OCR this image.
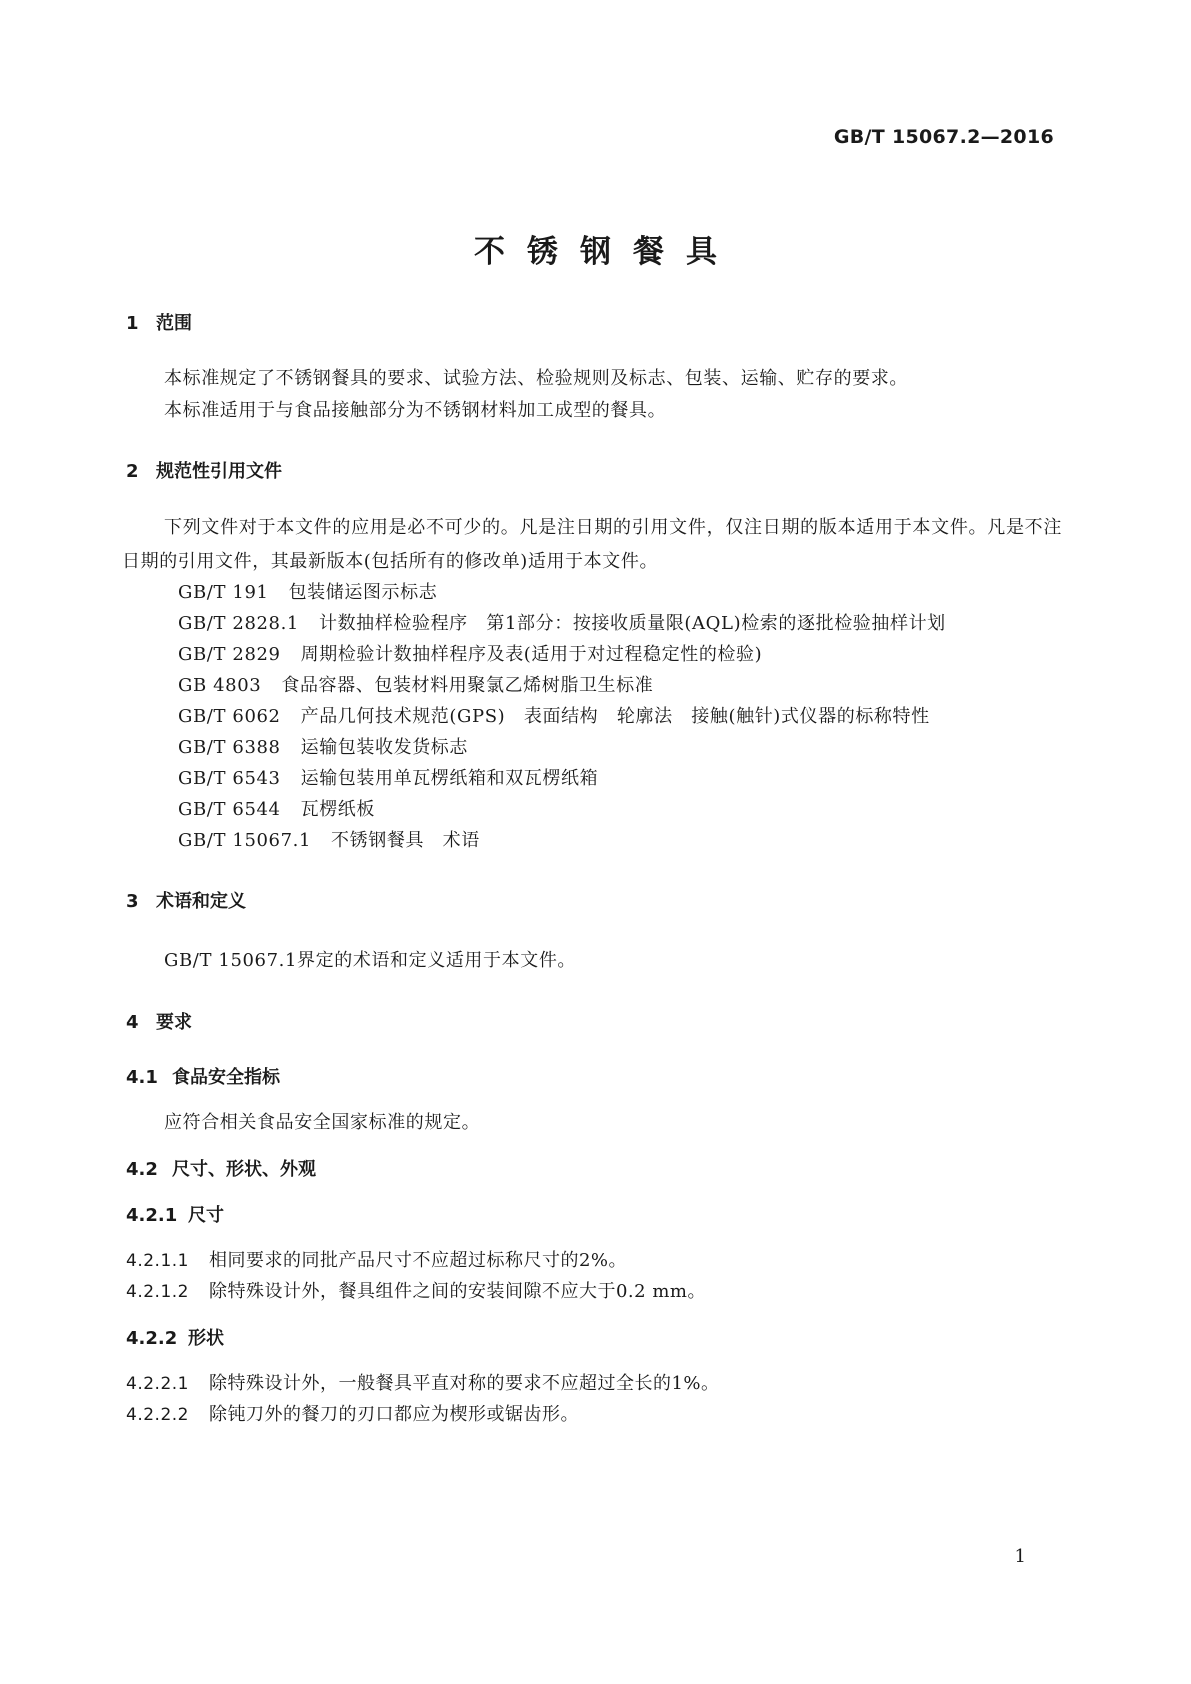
GB/T 15067.2—2016
不锈钢餐具
1 范围
本标准规定了不锈钢餐具的要求、试验方法、检验规则及标志、包装、运输、贮存的要求。
本标准适用于与食品接触部分为不锈钢材料加工成型的餐具。
2 规范性引用文件
下列文件对于本文件的应用是必不可少的。凡是注日期的引用文件，仅注日期的版本适用于本文件。凡是不注日期的引用文件，其最新版本(包括所有的修改单)适用于本文件。
GB/T 191 包装储运图示标志
GB/T 2828.1 计数抽样检验程序　第1部分：按接收质量限(AQL)检索的逐批检验抽样计划
GB/T 2829 周期检验计数抽样程序及表(适用于对过程稳定性的检验)
GB 4803 食品容器、包装材料用聚氯乙烯树脂卫生标准
GB/T 6062 产品几何技术规范(GPS)　表面结构　轮廓法　接触(触针)式仪器的标称特性
GB/T 6388 运输包装收发货标志
GB/T 6543 运输包装用单瓦楞纸箱和双瓦楞纸箱
GB/T 6544 瓦楞纸板
GB/T 15067.1 不锈钢餐具　术语
3 术语和定义
GB/T 15067.1界定的术语和定义适用于本文件。
4 要求
4.1 食品安全指标
应符合相关食品安全国家标准的规定。
4.2 尺寸、形状、外观
4.2.1 尺寸
4.2.1.1 相同要求的同批产品尺寸不应超过标称尺寸的2%。
4.2.1.2 除特殊设计外，餐具组件之间的安装间隙不应大于0.2 mm。
4.2.2 形状
4.2.2.1 除特殊设计外，一般餐具平直对称的要求不应超过全长的1%。
4.2.2.2 除钝刀外的餐刀的刃口都应为楔形或锯齿形。
1
